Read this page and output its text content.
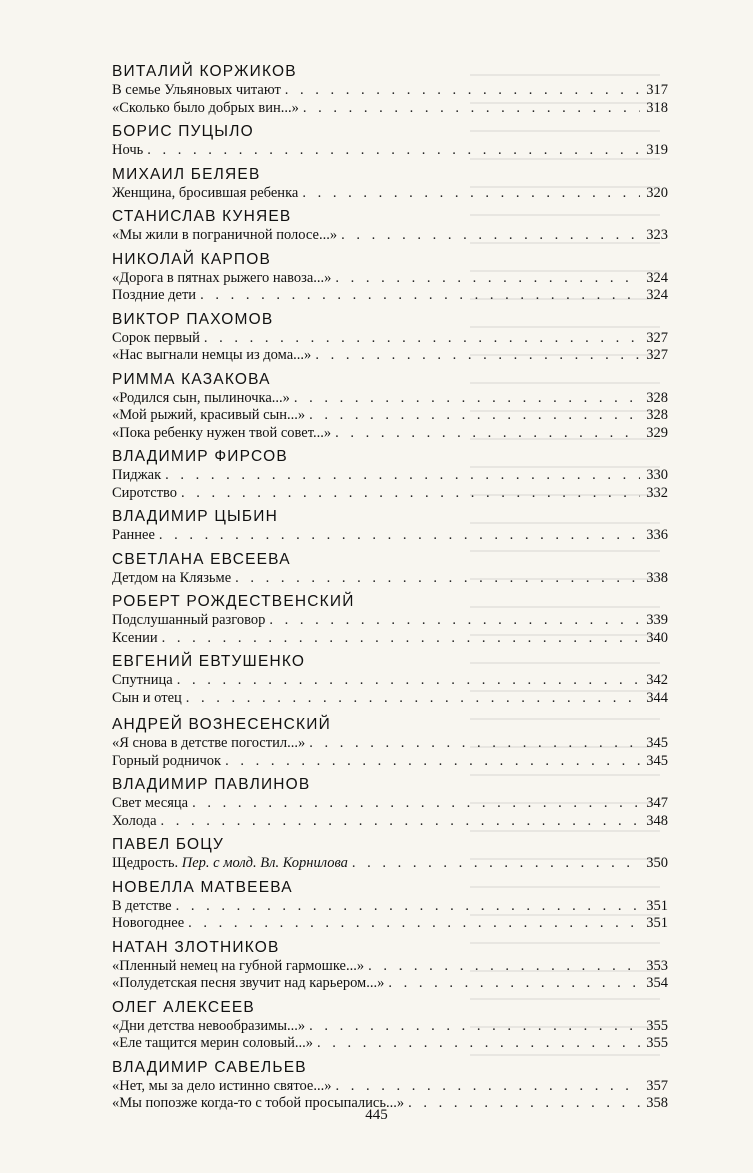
ВИТАЛИЙ КОРЖИКОВ
В семье Ульяновых читают . . .	317
«Сколько было добрых вин...» . . .	318
БОРИС ПУЦЫЛО
Ночь . . .	319
МИХАИЛ БЕЛЯЕВ
Женщина, бросившая ребенка . . .	320
СТАНИСЛАВ КУНЯЕВ
«Мы жили в пограничной полосе...» . . .	323
НИКОЛАЙ КАРПОВ
«Дорога в пятнах рыжего навоза...» . . .	324
Поздние дети . . .	324
ВИКТОР ПАХОМОВ
Сорок первый . . .	327
«Нас выгнали немцы из дома...» . . .	327
РИММА КАЗАКОВА
«Родился сын, пылиночка...» . . .	328
«Мой рыжий, красивый сын...» . . .	328
«Пока ребенку нужен твой совет...» . . .	329
ВЛАДИМИР ФИРСОВ
Пиджак . . .	330
Сиротство . . .	332
ВЛАДИМИР ЦЫБИН
Раннее . . .	336
СВЕТЛАНА ЕВСЕЕВА
Детдом на Клязьме . . .	338
РОБЕРТ РОЖДЕСТВЕНСКИЙ
Подслушанный разговор . . .	339
Ксении . . .	340
ЕВГЕНИЙ ЕВТУШЕНКО
Спутница . . .	342
Сын и отец . . .	344
АНДРЕЙ ВОЗНЕСЕНСКИЙ
«Я снова в детстве погостил...» . . .	345
Горный родничок . . .	345
ВЛАДИМИР ПАВЛИНОВ
Свет месяца . . .	347
Холода . . .	348
ПАВЕЛ БОЦУ
Щедрость. Пер. с молд. Вл. Корнилова . . .	350
НОВЕЛЛА МАТВЕЕВА
В детстве . . .	351
Новогоднее . . .	351
НАТАН ЗЛОТНИКОВ
«Пленный немец на губной гармошке...» . . .	353
«Полудетская песня звучит над карьером...» . . .	354
ОЛЕГ АЛЕКСЕЕВ
«Дни детства невообразимы...» . . .	355
«Еле тащится мерин соловый...» . . .	355
ВЛАДИМИР САВЕЛЬЕВ
«Нет, мы за дело истинно святое...» . . .	357
«Мы попозже когда-то с тобой просыпались...» . . .	358
445
